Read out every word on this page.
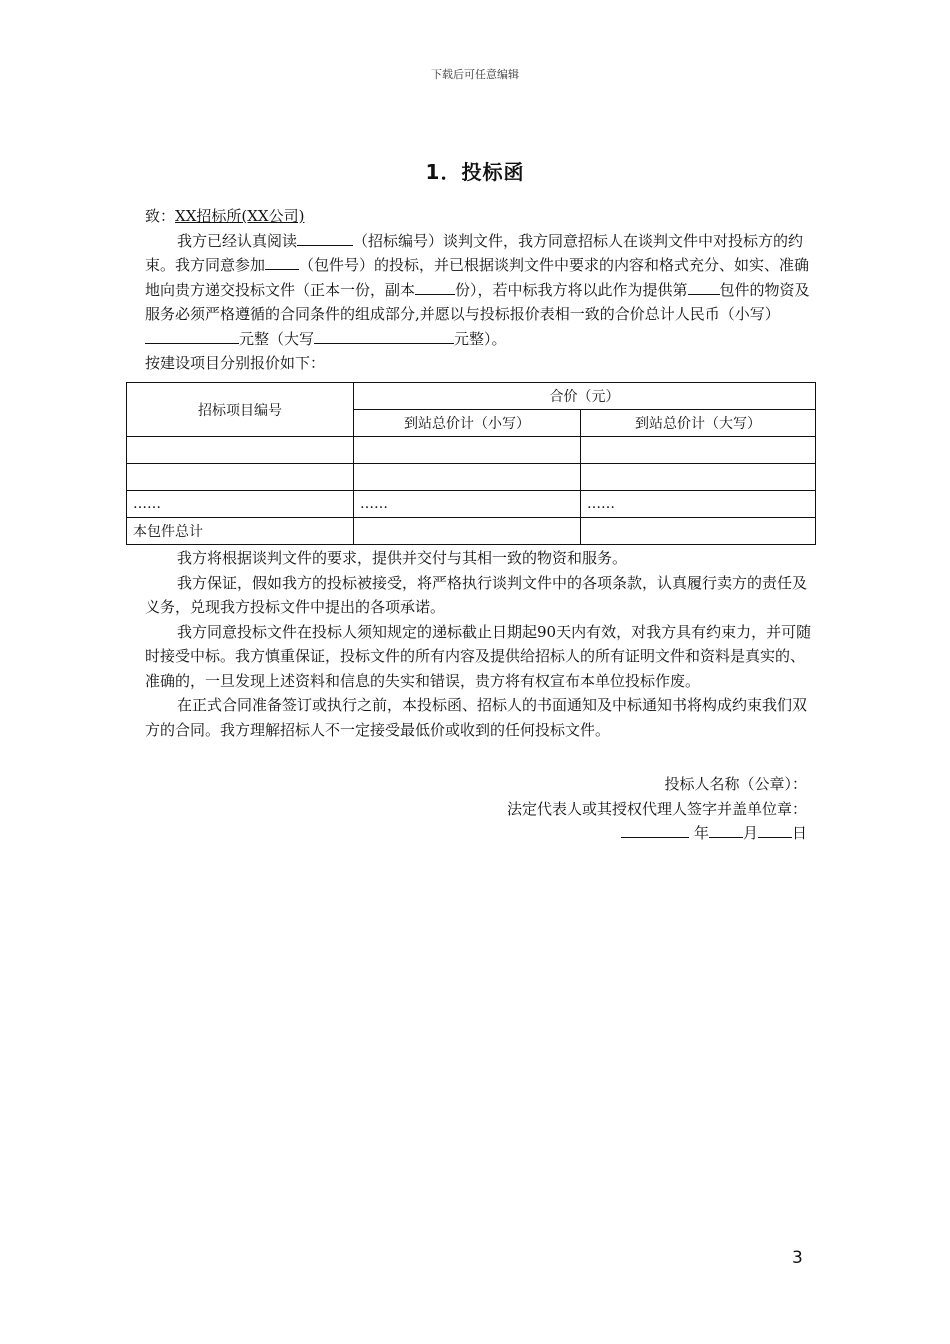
下载后可任意编辑
1．投标函

致：XX招标所(XX公司)

我方已经认真阅读	（招标编号）谈判文件，我方同意招标人在谈判文件中对投标方的约束。我方同意参加 （包件号）的投标，并已根据谈判文件中要求的内容和格式充分、如实、准确地向贵方递交投标文件（正本一份，副本	份），若中标我方将以此作为提供第 包件的物资及服务必须严格遵循的合同条件的组成部分,并愿以与投标报价表相一致的合价总计人民币（小写）元整（大写	元整）。

按建设项目分别报价如下：

招标项目编号	合价（元）	
	到站总价计（小写）	到站总价计（大写）

……	……	……
本包件总计		

我方将根据谈判文件的要求，提供并交付与其相一致的物资和服务。

我方保证，假如我方的投标被接受，将严格执行谈判文件中的各项条款，认真履行卖方的责任及义务，兑现我方投标文件中提出的各项承诺。

我方同意投标文件在投标人须知规定的递标截止日期起90天内有效，对我方具有约束力，并可随时接受中标。我方慎重保证，投标文件的所有内容及提供给招标人的所有证明文件和资料是真实的、准确的，一旦发现上述资料和信息的失实和错误，贵方将有权宣布本单位投标作废。

在正式合同准备签订或执行之前，本投标函、招标人的书面通知及中标通知书将构成约束我们双方的合同。我方理解招标人不一定接受最低价或收到的任何投标文件。

投标人名称（公章）：
法定代表人或其授权代理人签字并盖单位章：
年 月 日
3
